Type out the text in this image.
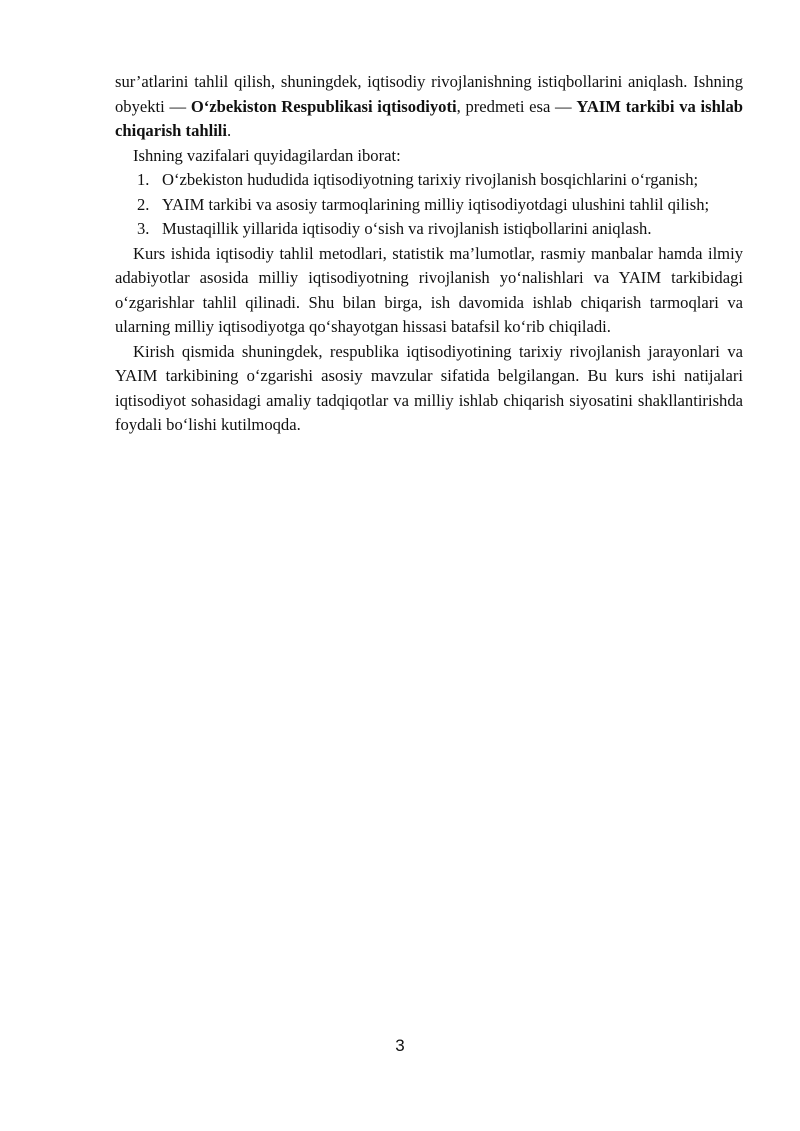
sur’atlarini tahlil qilish, shuningdek, iqtisodiy rivojlanishning istiqbollarini aniqlash. Ishning obyekti — O‘zbekiston Respublikasi iqtisodiyoti, predmeti esa — YAIM tarkibi va ishlab chiqarish tahlili.

Ishning vazifalari quyidagilardan iborat:

1. O‘zbekiston hududida iqtisodiyotning tarixiy rivojlanish bosqichlarini o‘rganish;
2. YAIM tarkibi va asosiy tarmoqlarining milliy iqtisodiyotdagi ulushini tahlil qilish;
3. Mustaqillik yillarida iqtisodiy o‘sish va rivojlanish istiqbollarini aniqlash.

Kurs ishida iqtisodiy tahlil metodlari, statistik ma’lumotlar, rasmiy manbalar hamda ilmiy adabiyotlar asosida milliy iqtisodiyotning rivojlanish yo‘nalishlari va YAIM tarkibidagi o‘zgarishlar tahlil qilinadi. Shu bilan birga, ish davomida ishlab chiqarish tarmoqlari va ularning milliy iqtisodiyotga qo‘shayotgan hissasi batafsil ko‘rib chiqiladi.

Kirish qismida shuningdek, respublika iqtisodiyotining tarixiy rivojlanish jarayonlari va YAIM tarkibining o‘zgarishi asosiy mavzular sifatida belgilangan. Bu kurs ishi natijalari iqtisodiyot sohasidagi amaliy tadqiqotlar va milliy ishlab chiqarish siyosatini shakllantirishda foydali bo‘lishi kutilmoqda.

3
